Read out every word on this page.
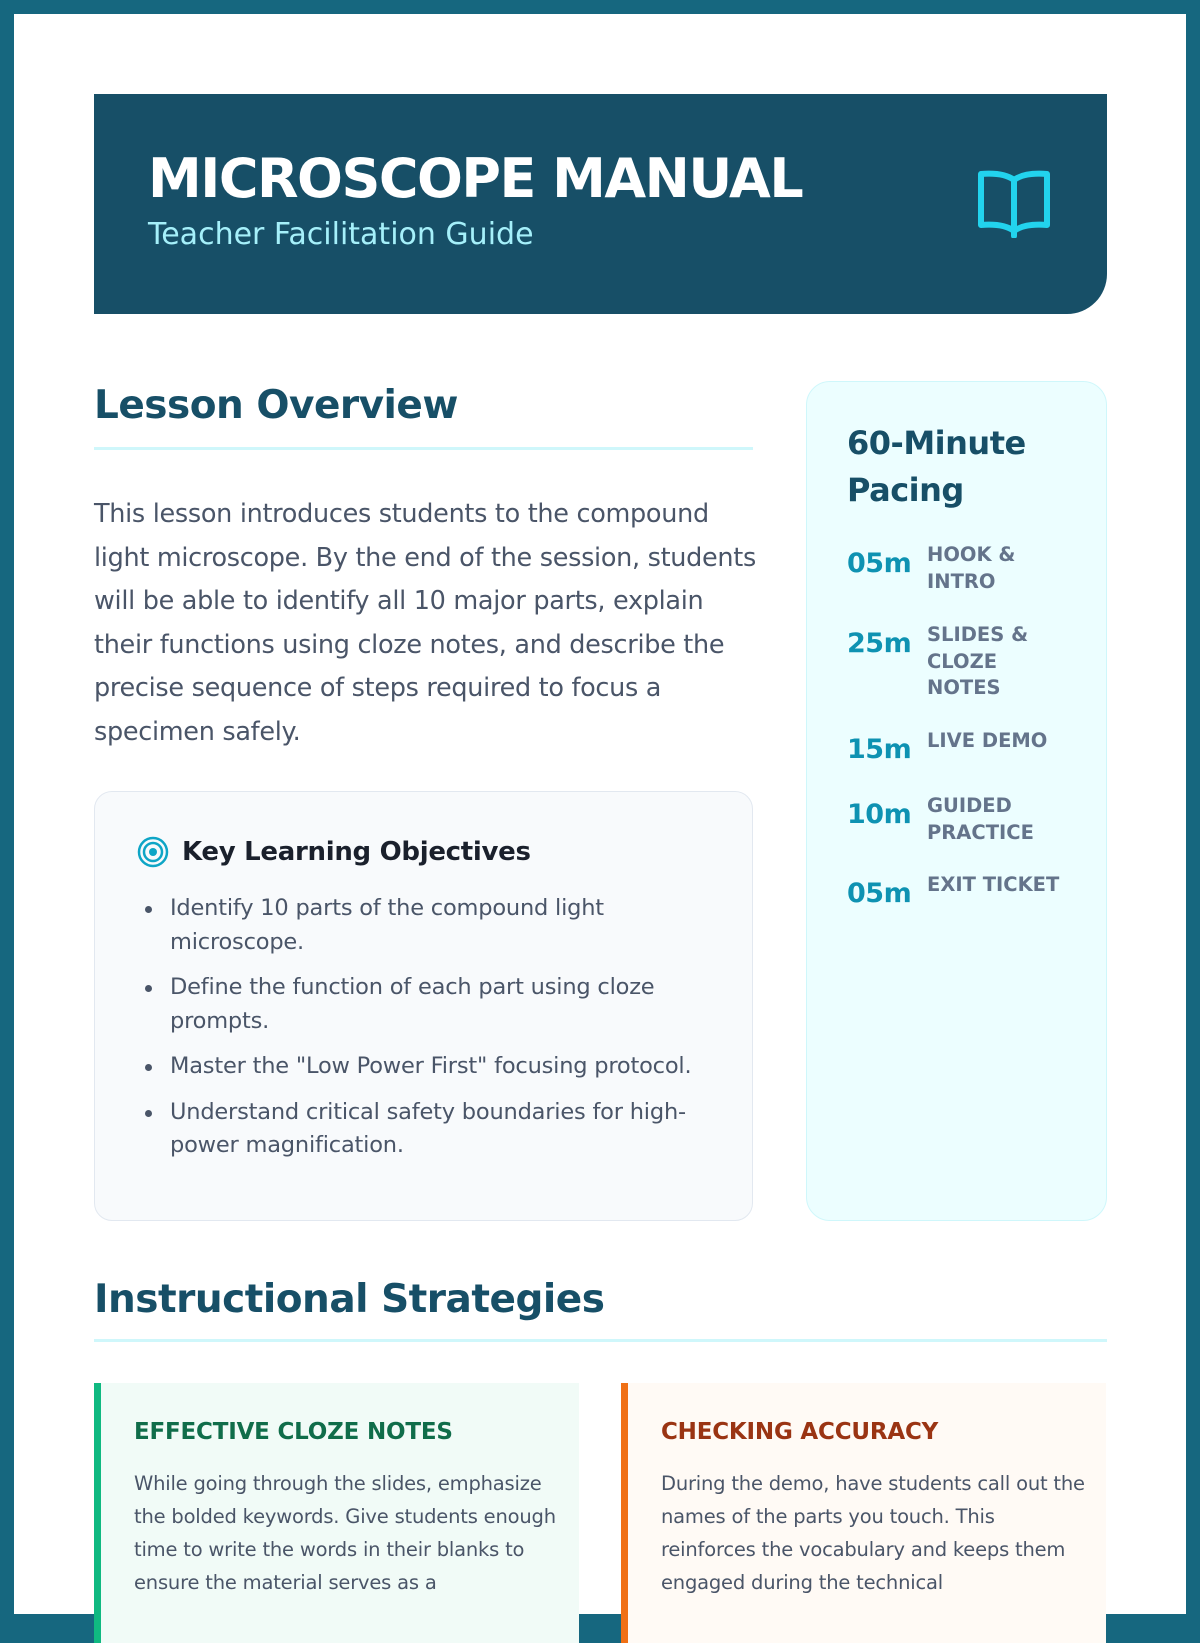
MICROSCOPE MANUAL
Teacher Facilitation Guide
Lesson Overview

This lesson introduces students to the compound light microscope. By the end of the session, students will be able to identify all 10 major parts, explain their functions using cloze notes, and describe the precise sequence of steps required to focus a specimen safely.

Key Learning Objectives
Identify 10 parts of the compound light microscope.
Define the function of each part using cloze prompts.
Master the "Low Power First" focusing protocol.
Understand critical safety boundaries for high-power magnification.
60-Minute Pacing
05m HOOK & INTRO
25m SLIDES & CLOZE NOTES
15m LIVE DEMO
10m GUIDED PRACTICE
05m EXIT TICKET
Instructional Strategies
EFFECTIVE CLOZE NOTES

While going through the slides, emphasize the bolded keywords. Give students enough time to write the words in their blanks to ensure the material serves as a

CHECKING ACCURACY

During the demo, have students call out the names of the parts you touch. This reinforces the vocabulary and keeps them engaged during the technical
